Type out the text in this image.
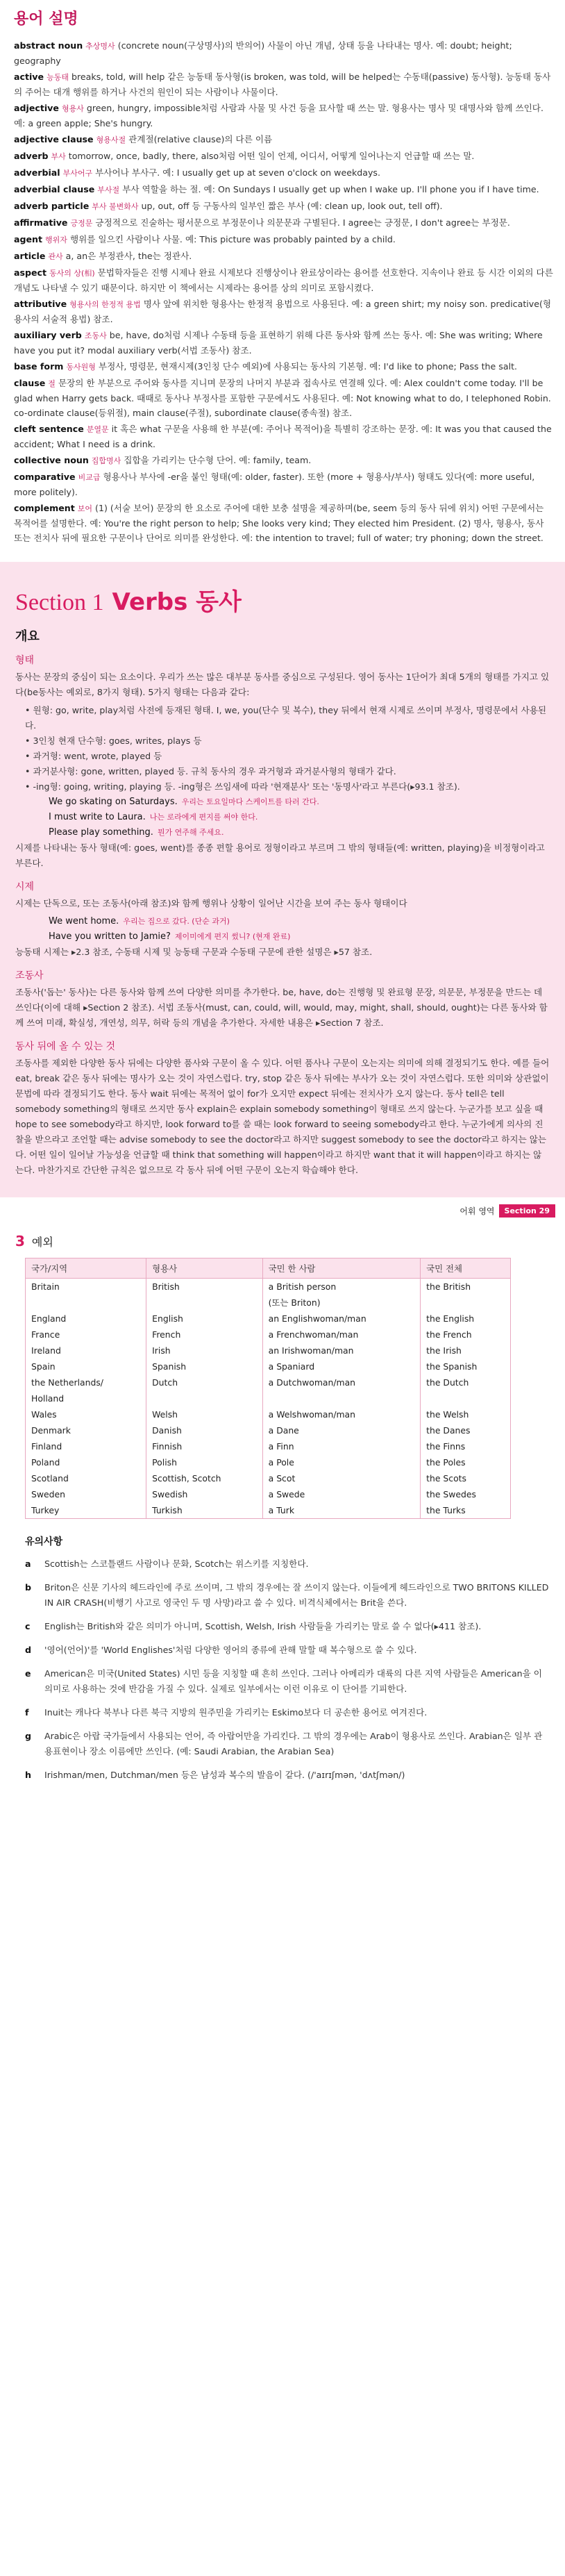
용어 설명

abstract noun 추상명사 (concrete noun(구상명사)의 반의어) 사물이 아닌 개념, 상태 등을 나타내는 명사. 예: doubt; height; geography

active 능동태 breaks, told, will help 같은 능동태 동사형(is broken, was told, will be helped는 수동태(passive) 동사형). 능동태 동사의 주어는 대개 행위를 하거나 사건의 원인이 되는 사람이나 사물이다.

adjective 형용사 green, hungry, impossible처럼 사람과 사물 및 사건 등을 묘사할 때 쓰는 말. 형용사는 명사 및 대명사와 함께 쓰인다. 예: a green apple; She's hungry.

adjective clause 형용사절 관계절(relative clause)의 다른 이름

adverb 부사 tomorrow, once, badly, there, also처럼 어떤 일이 언제, 어디서, 어떻게 일어나는지 언급할 때 쓰는 말.

adverbial 부사어구 부사어나 부사구. 예: I usually get up at seven o'clock on weekdays.

adverbial clause 부사절 부사 역할을 하는 절. 예: On Sundays I usually get up when I wake up. I'll phone you if I have time.

adverb particle 부사 불변화사 up, out, off 등 구동사의 일부인 짧은 부사 (예: clean up, look out, tell off).

affirmative 긍정문 긍정적으로 진술하는 평서문으로 부정문이나 의문문과 구별된다. I agree는 긍정문, I don't agree는 부정문.

agent 행위자 행위를 일으킨 사람이나 사물. 예: This picture was probably painted by a child.

article 관사 a, an은 부정관사, the는 정관사.

aspect 동사의 상(相) 문법학자들은 진행 시제나 완료 시제보다 진행상이나 완료상이라는 용어를 선호한다. 지속이나 완료 등 시간 이외의 다른 개념도 나타낼 수 있기 때문이다. 하지만 이 책에서는 시제라는 용어를 상의 의미로 포함시켰다.

attributive 형용사의 한정적 용법 명사 앞에 위치한 형용사는 한정적 용법으로 사용된다. 예: a green shirt; my noisy son. predicative(형용사의 서술적 용법) 참조.

auxiliary verb 조동사 be, have, do처럼 시제나 수동태 등을 표현하기 위해 다른 동사와 함께 쓰는 동사. 예: She was writing; Where have you put it? modal auxiliary verb(서법 조동사) 참조.

base form 동사원형 부정사, 명령문, 현재시제(3인칭 단수 예외)에 사용되는 동사의 기본형. 예: I'd like to phone; Pass the salt.

clause 절 문장의 한 부분으로 주어와 동사를 지니며 문장의 나머지 부분과 접속사로 연결해 있다. 예: Alex couldn't come today. I'll be glad when Harry gets back. 때때로 동사나 부정사를 포함한 구문에서도 사용된다. 예: Not knowing what to do, I telephoned Robin. co-ordinate clause(등위절), main clause(주절), subordinate clause(종속절) 참조.

cleft sentence 분열문 it 혹은 what 구문을 사용해 한 부분(예: 주어나 목적어)을 특별히 강조하는 문장. 예: It was you that caused the accident; What I need is a drink.

collective noun 집합명사 집합을 가리키는 단수형 단어. 예: family, team.

comparative 비교급 형용사나 부사에 -er을 붙인 형태(예: older, faster). 또한 (more + 형용사/부사) 형태도 있다(예: more useful, more politely).

complement 보어 (1) (서술 보어) 문장의 한 요소로 주어에 대한 보충 설명을 제공하며(be, seem 등의 동사 뒤에 위치) 어떤 구문에서는 목적어를 설명한다. 예: You're the right person to help; She looks very kind; They elected him President. (2) 명사, 형용사, 동사 또는 전치사 뒤에 필요한 구문이나 단어로 의미를 완성한다. 예: the intention to travel; full of water; try phoning; down the street.

Section 1 Verbs 동사
개요
형태

동사는 문장의 중심이 되는 요소이다. 우리가 쓰는 많은 대부분 동사를 중심으로 구성된다. 영어 동사는 1단어가 최대 5개의 형태를 가지고 있다(be동사는 예외로, 8가지 형태). 5가지 형태는 다음과 같다:

• 원형: go, write, play처럼 사전에 등재된 형태. I, we, you(단수 및 복수), they 뒤에서 현재 시제로 쓰이며 부정사, 명령문에서 사용된다.

• 3인칭 현재 단수형: goes, writes, plays 등

• 과거형: went, wrote, played 등

• 과거분사형: gone, written, played 등. 규칙 동사의 경우 과거형과 과거분사형의 형태가 같다.

• -ing형: going, writing, playing 등. -ing형은 쓰임새에 따라 '현재분사' 또는 '동명사'라고 부른다(▸93.1 참조).

We go skating on Saturdays. 우리는 토요일마다 스케이트를 타러 간다.

I must write to Laura. 나는 로라에게 편지를 써야 한다.

Please play something. 뭔가 연주해 주세요.

시제를 나타내는 동사 형태(예: goes, went)를 종종 편할 용어로 정형이라고 부르며 그 밖의 형태들(예: written, playing)을 비정형이라고 부른다.

시제

시제는 단독으로, 또는 조동사(아래 참조)와 함께 행위나 상황이 일어난 시간을 보여 주는 동사 형태이다

We went home. 우리는 집으로 갔다. (단순 과거)

Have you written to Jamie? 제이미에게 편지 썼니? (현재 완료)

능동태 시제는 ▸2.3 참조, 수동태 시제 및 능동태 구문과 수동태 구문에 관한 설명은 ▸57 참조.

조동사

조동사('돕는' 동사)는 다른 동사와 함께 쓰여 다양한 의미를 추가한다. be, have, do는 진행형 및 완료형 문장, 의문문, 부정문을 만드는 데 쓰인다(이에 대해 ▸Section 2 참조). 서법 조동사(must, can, could, will, would, may, might, shall, should, ought)는 다른 동사와 함께 쓰여 미래, 확실성, 개연성, 의무, 허락 등의 개념을 추가한다. 자세한 내용은 ▸Section 7 참조.

동사 뒤에 올 수 있는 것

조동사를 제외한 다양한 동사 뒤에는 다양한 품사와 구문이 올 수 있다. 어떤 품사나 구문이 오는지는 의미에 의해 결정되기도 한다. 예를 들어 eat, break 같은 동사 뒤에는 명사가 오는 것이 자연스럽다. try, stop 같은 동사 뒤에는 부사가 오는 것이 자연스럽다. 또한 의미와 상관없이 문법에 따라 결정되기도 한다. 동사 wait 뒤에는 목적어 없이 for가 오지만 expect 뒤에는 전치사가 오지 않는다. 동사 tell은 tell somebody something의 형태로 쓰지만 동사 explain은 explain somebody something이 형태로 쓰지 않는다. 누군가를 보고 싶을 때 hope to see somebody라고 하지만, look forward to를 쓸 때는 look forward to seeing somebody라고 한다. 누군가에게 의사의 진찰을 받으라고 조언할 때는 advise somebody to see the doctor라고 하지만 suggest somebody to see the doctor라고 하지는 않는다. 어떤 일이 일어날 가능성을 언급할 때 think that something will happen이라고 하지만 want that it will happen이라고 하지는 않는다. 마찬가지로 간단한 규칙은 없으므로 각 동사 뒤에 어떤 구문이 오는지 학습해야 한다.

어휘 영역	Section 29
3 예외
국가/지역	형용사	국민 한 사람	국민 전체
Britain	British	a British person	the British
		(또는 Briton)	
England	English	an Englishwoman/man	the English
France	French	a Frenchwoman/man	the French
Ireland	Irish	an Irishwoman/man	the Irish
Spain	Spanish	a Spaniard	the Spanish
the Netherlands/	Dutch	a Dutchwoman/man	the Dutch
Holland			
Wales	Welsh	a Welshwoman/man	the Welsh
Denmark	Danish	a Dane	the Danes
Finland	Finnish	a Finn	the Finns
Poland	Polish	a Pole	the Poles
Scotland	Scottish, Scotch	a Scot	the Scots
Sweden	Swedish	a Swede	the Swedes
Turkey	Turkish	a Turk	the Turks
유의사항
a	Scottish는 스코틀랜드 사람이나 문화, Scotch는 위스키를 지칭한다.
b	Briton은 신문 기사의 헤드라인에 주로 쓰이며, 그 밖의 경우에는 잘 쓰이지 않는다. 이들에게 헤드라인으로 TWO BRITONS KILLED IN AIR CRASH(비행기 사고로 영국인 두 명 사망)라고 쓸 수 있다. 비격식체에서는 Brit을 쓴다.
c	English는 British와 같은 의미가 아니며, Scottish, Welsh, Irish 사람들을 가리키는 말로 쓸 수 없다(▸411 참조).
d	'영어(언어)'를 'World Englishes'처럼 다양한 영어의 종류에 관해 말할 때 복수형으로 쓸 수 있다.
e	American은 미국(United States) 시민 등을 지칭할 때 흔히 쓰인다. 그러나 아메리카 대륙의 다른 지역 사람들은 American을 이 의미로 사용하는 것에 반감을 가질 수 있다. 실제로 일부에서는 이런 이유로 이 단어를 기피한다.
f	Inuit는 캐나다 북부나 다른 북극 지방의 원주민을 가리키는 Eskimo보다 더 공손한 용어로 여겨진다.
g	Arabic은 아랍 국가들에서 사용되는 언어, 즉 아랍어만을 가리킨다. 그 밖의 경우에는 Arab이 형용사로 쓰인다. Arabian은 일부 관용표현이나 장소 이름에만 쓰인다. (예: Saudi Arabian, the Arabian Sea)
h	Irishman/men, Dutchman/men 등은 남성과 복수의 발음이 같다. (/'aɪrɪʃmən, 'dʌtʃmən/)
